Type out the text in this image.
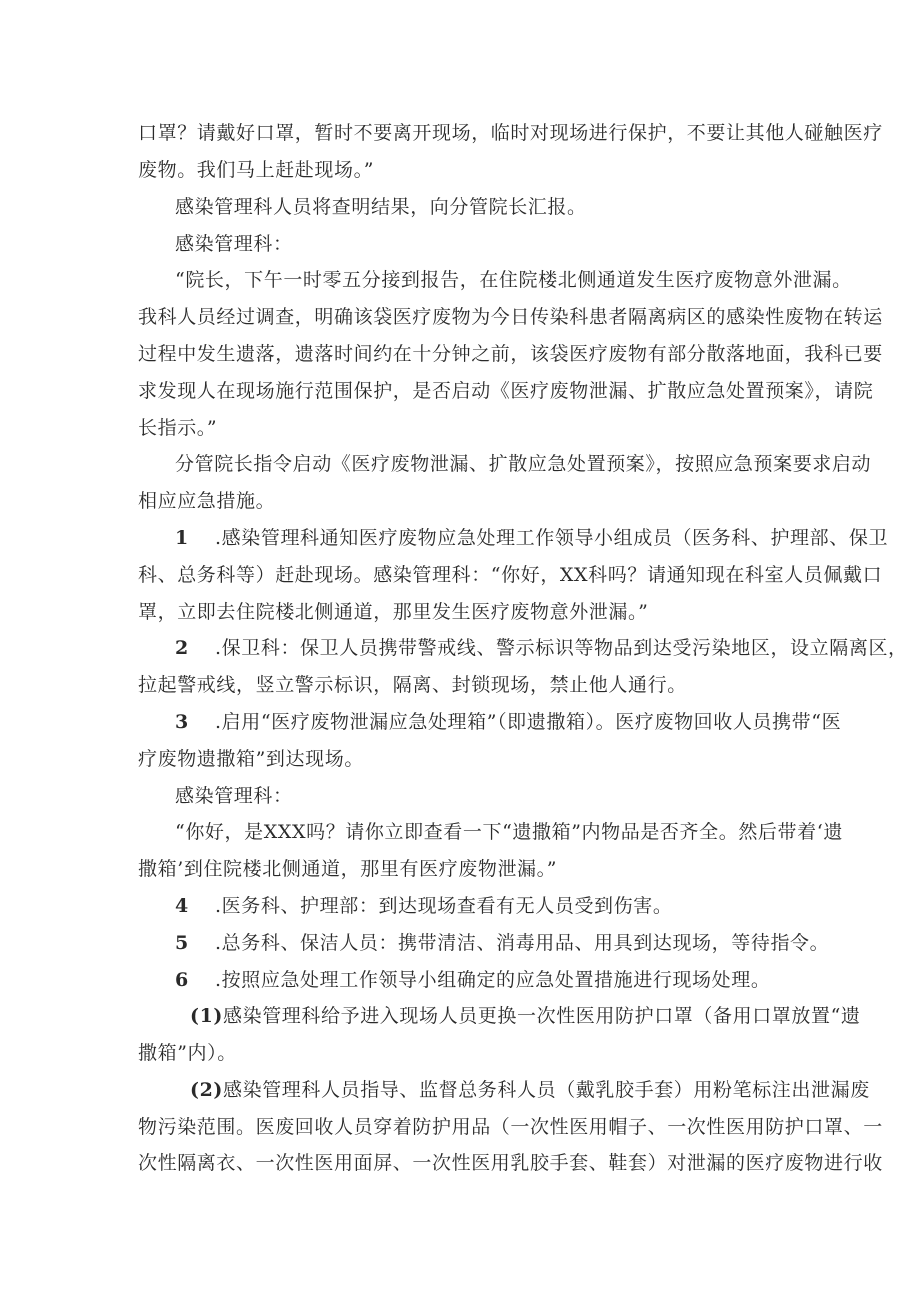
口罩？请戴好口罩，暂时不要离开现场，临时对现场进行保护，不要让其他人碰触医疗
废物。我们马上赶赴现场。”
感染管理科人员将查明结果，向分管院长汇报。
感染管理科：
“院长，下午一时零五分接到报告，在住院楼北侧通道发生医疗废物意外泄漏。
我科人员经过调查，明确该袋医疗废物为今日传染科患者隔离病区的感染性废物在转运
过程中发生遗落，遗落时间约在十分钟之前，该袋医疗废物有部分散落地面，我科已要
求发现人在现场施行范围保护，是否启动《医疗废物泄漏、扩散应急处置预案》，请院
长指示。”
分管院长指令启动《医疗废物泄漏、扩散应急处置预案》，按照应急预案要求启动
相应应急措施。
1 .感染管理科通知医疗废物应急处理工作领导小组成员（医务科、护理部、保卫
科、总务科等）赶赴现场。感染管理科：“你好，XX科吗？请通知现在科室人员佩戴口
罩，立即去住院楼北侧通道，那里发生医疗废物意外泄漏。”
2 .保卫科：保卫人员携带警戒线、警示标识等物品到达受污染地区，设立隔离区，
拉起警戒线，竖立警示标识，隔离、封锁现场，禁止他人通行。
3 .启用“医疗废物泄漏应急处理箱”（即遗撒箱）。医疗废物回收人员携带“医
疗废物遗撒箱”到达现场。
感染管理科：
“你好，是XXX吗？请你立即查看一下“遗撒箱”内物品是否齐全。然后带着‘遗
撒箱’到住院楼北侧通道，那里有医疗废物泄漏。”
4 .医务科、护理部：到达现场查看有无人员受到伤害。
5 .总务科、保洁人员：携带清洁、消毒用品、用具到达现场，等待指令。
6 .按照应急处理工作领导小组确定的应急处置措施进行现场处理。
(1)感染管理科给予进入现场人员更换一次性医用防护口罩（备用口罩放置“遗
撒箱”内）。
(2)感染管理科人员指导、监督总务科人员（戴乳胶手套）用粉笔标注出泄漏废
物污染范围。医废回收人员穿着防护用品（一次性医用帽子、一次性医用防护口罩、一
次性隔离衣、一次性医用面屏、一次性医用乳胶手套、鞋套）对泄漏的医疗废物进行收
